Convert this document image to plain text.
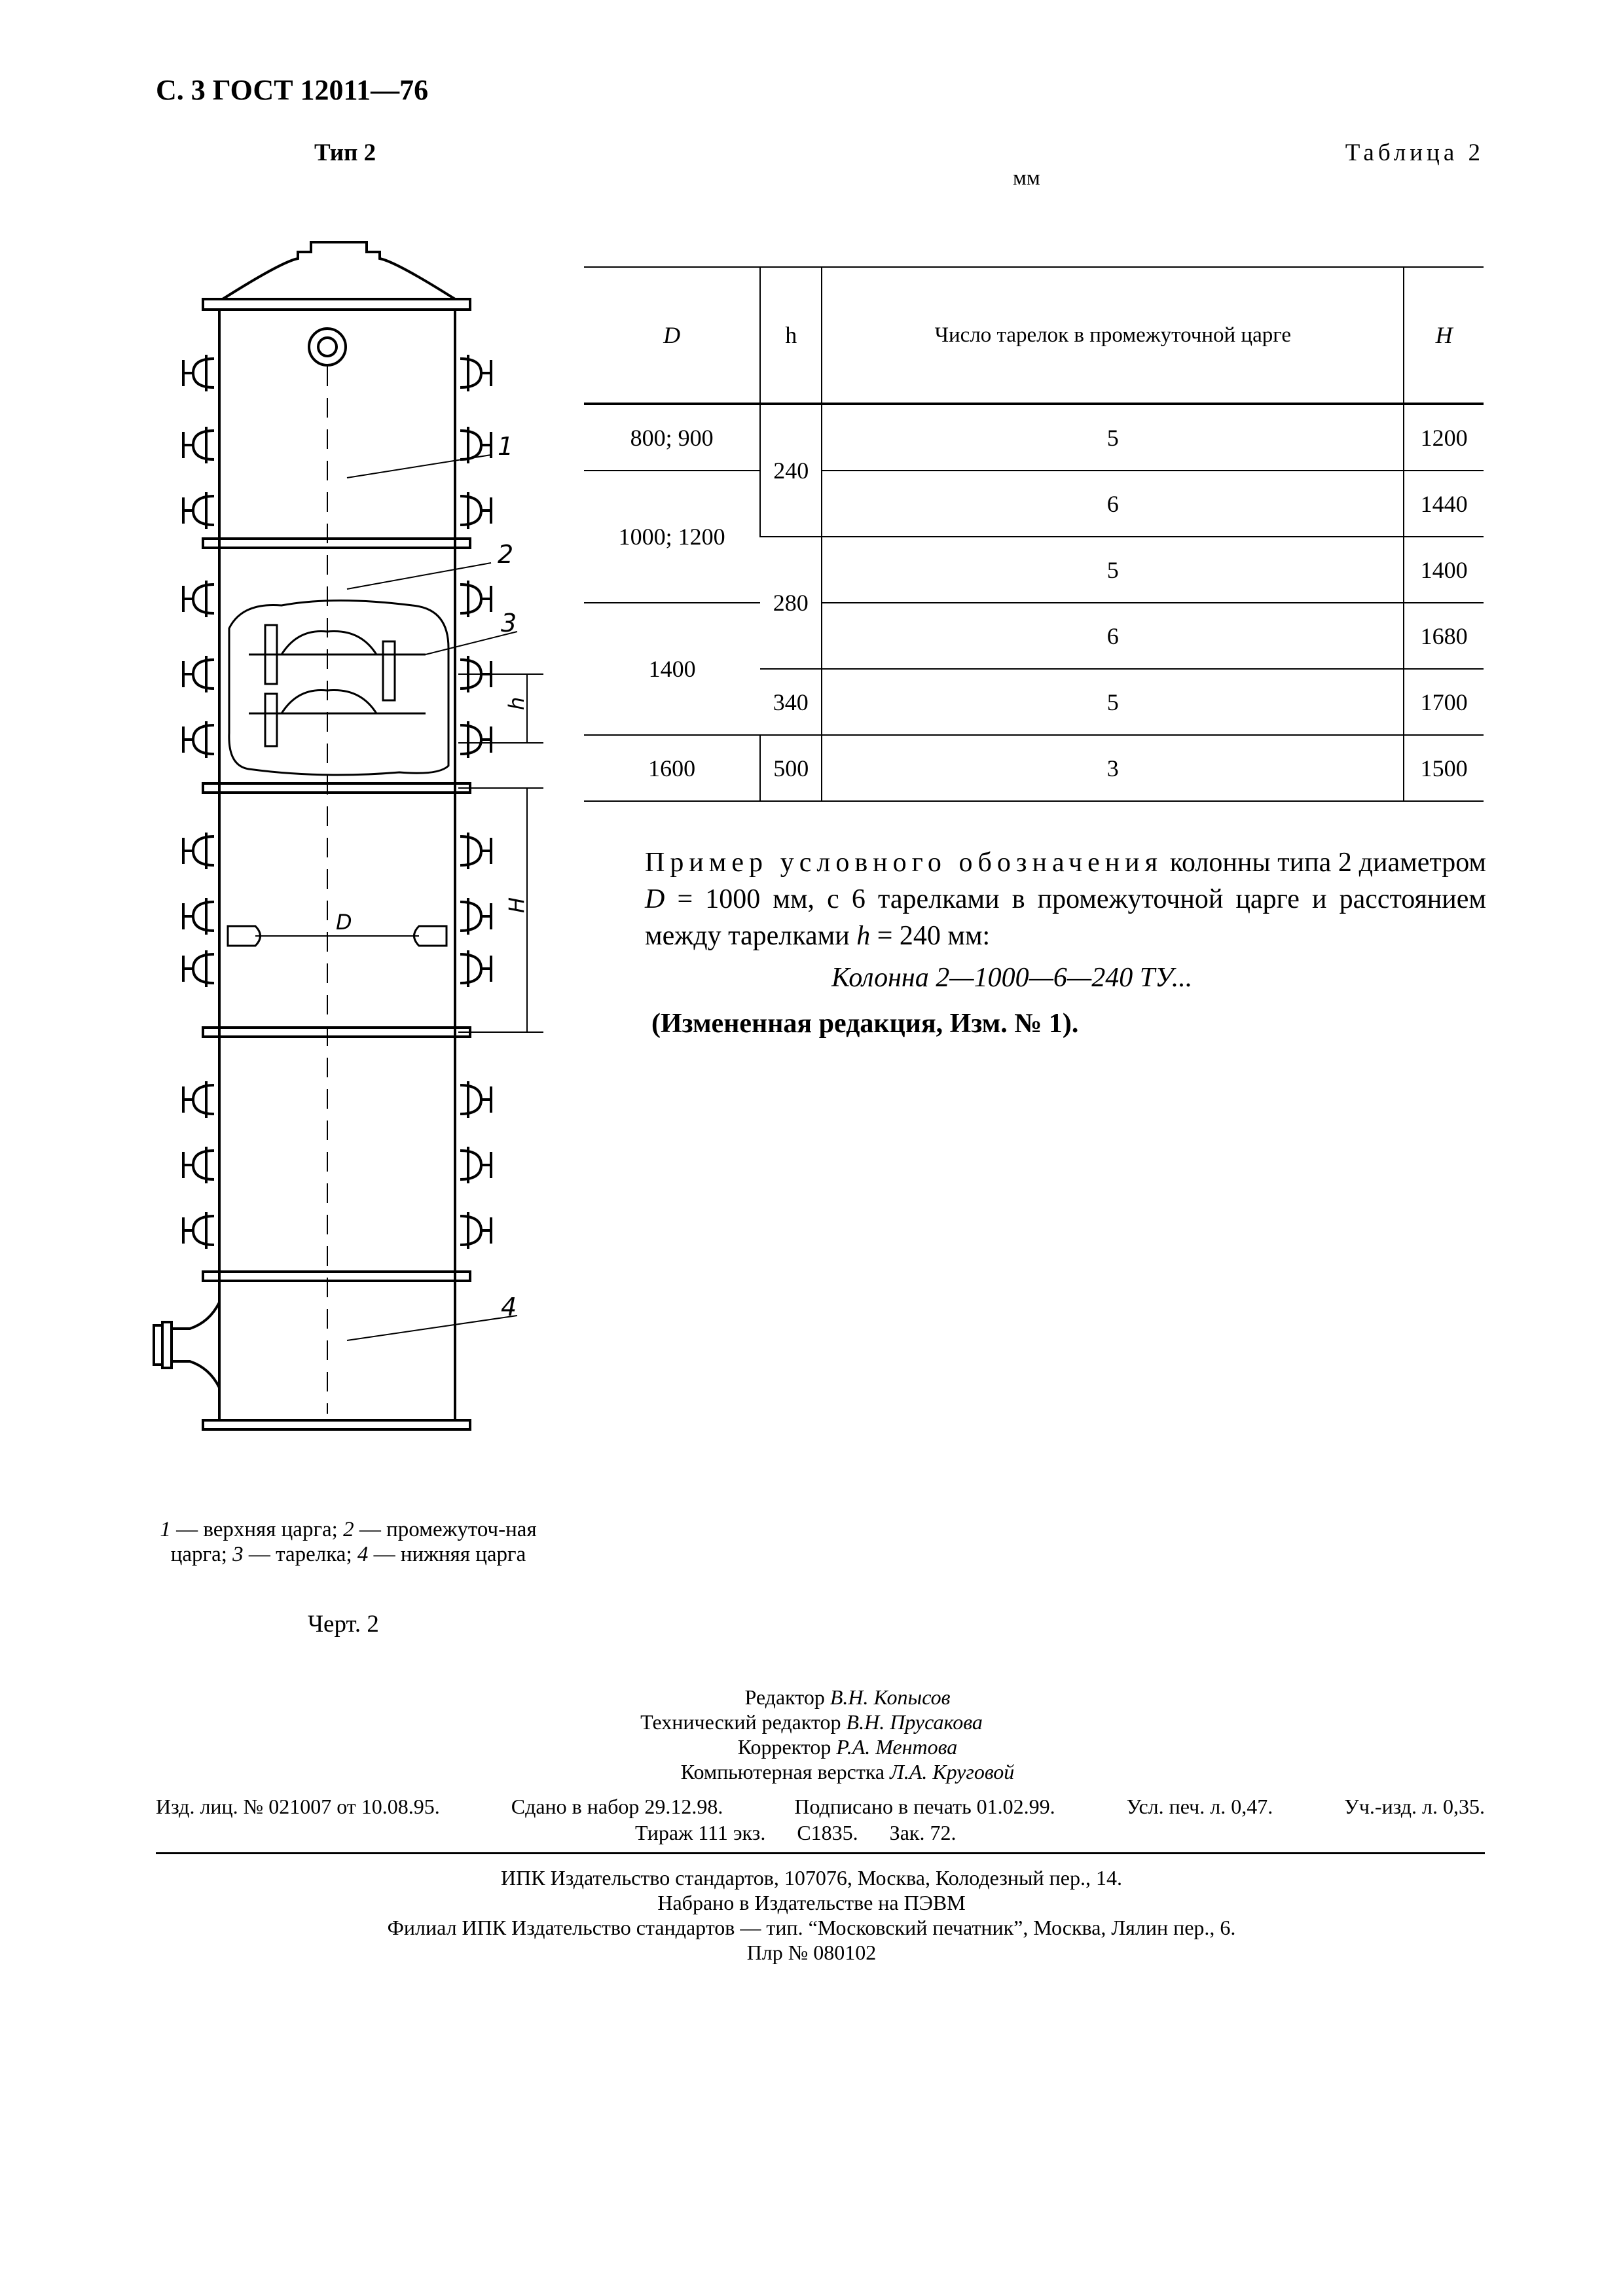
С. 3 ГОСТ 12011—76
Тип 2	Таблица 2
мм
1
2
3
4
h
H
D
D	h	Число тарелок в промежуточной царге	H
800; 900	240	5	1200
1000; 1200		6	1440
	280	5	1400
1400		6	1680
	340	5	1700
1600	500	3	1500
Пример условного обозначения колонны типа 2 диаметром D = 1000 мм, с 6 тарелками в промежуточной царге и расстоянием между тарелками h = 240 мм:
Колонна 2—1000—6—240 ТУ...
(Измененная редакция, Изм. № 1).
1 — верхняя царга; 2 — промежуточ-ная царга; 3 — тарелка; 4 — нижняя царга
Черт. 2
Редактор В.Н. Копысов
Технический редактор В.Н. Прусакова
Корректор Р.А. Ментова
Компьютерная верстка Л.А. Круговой
Изд. лиц. № 021007 от 10.08.95.	Сдано в набор 29.12.98.	Подписано в печать 01.02.99.	Усл. печ. л. 0,47.	Уч.-изд. л. 0,35.
Тираж 111 экз. С1835. Зак. 72.
ИПК Издательство стандартов, 107076, Москва, Колодезный пер., 14.
Набрано в Издательстве на ПЭВМ
Филиал ИПК Издательство стандартов — тип. “Московский печатник”, Москва, Лялин пер., 6.
Плр № 080102
